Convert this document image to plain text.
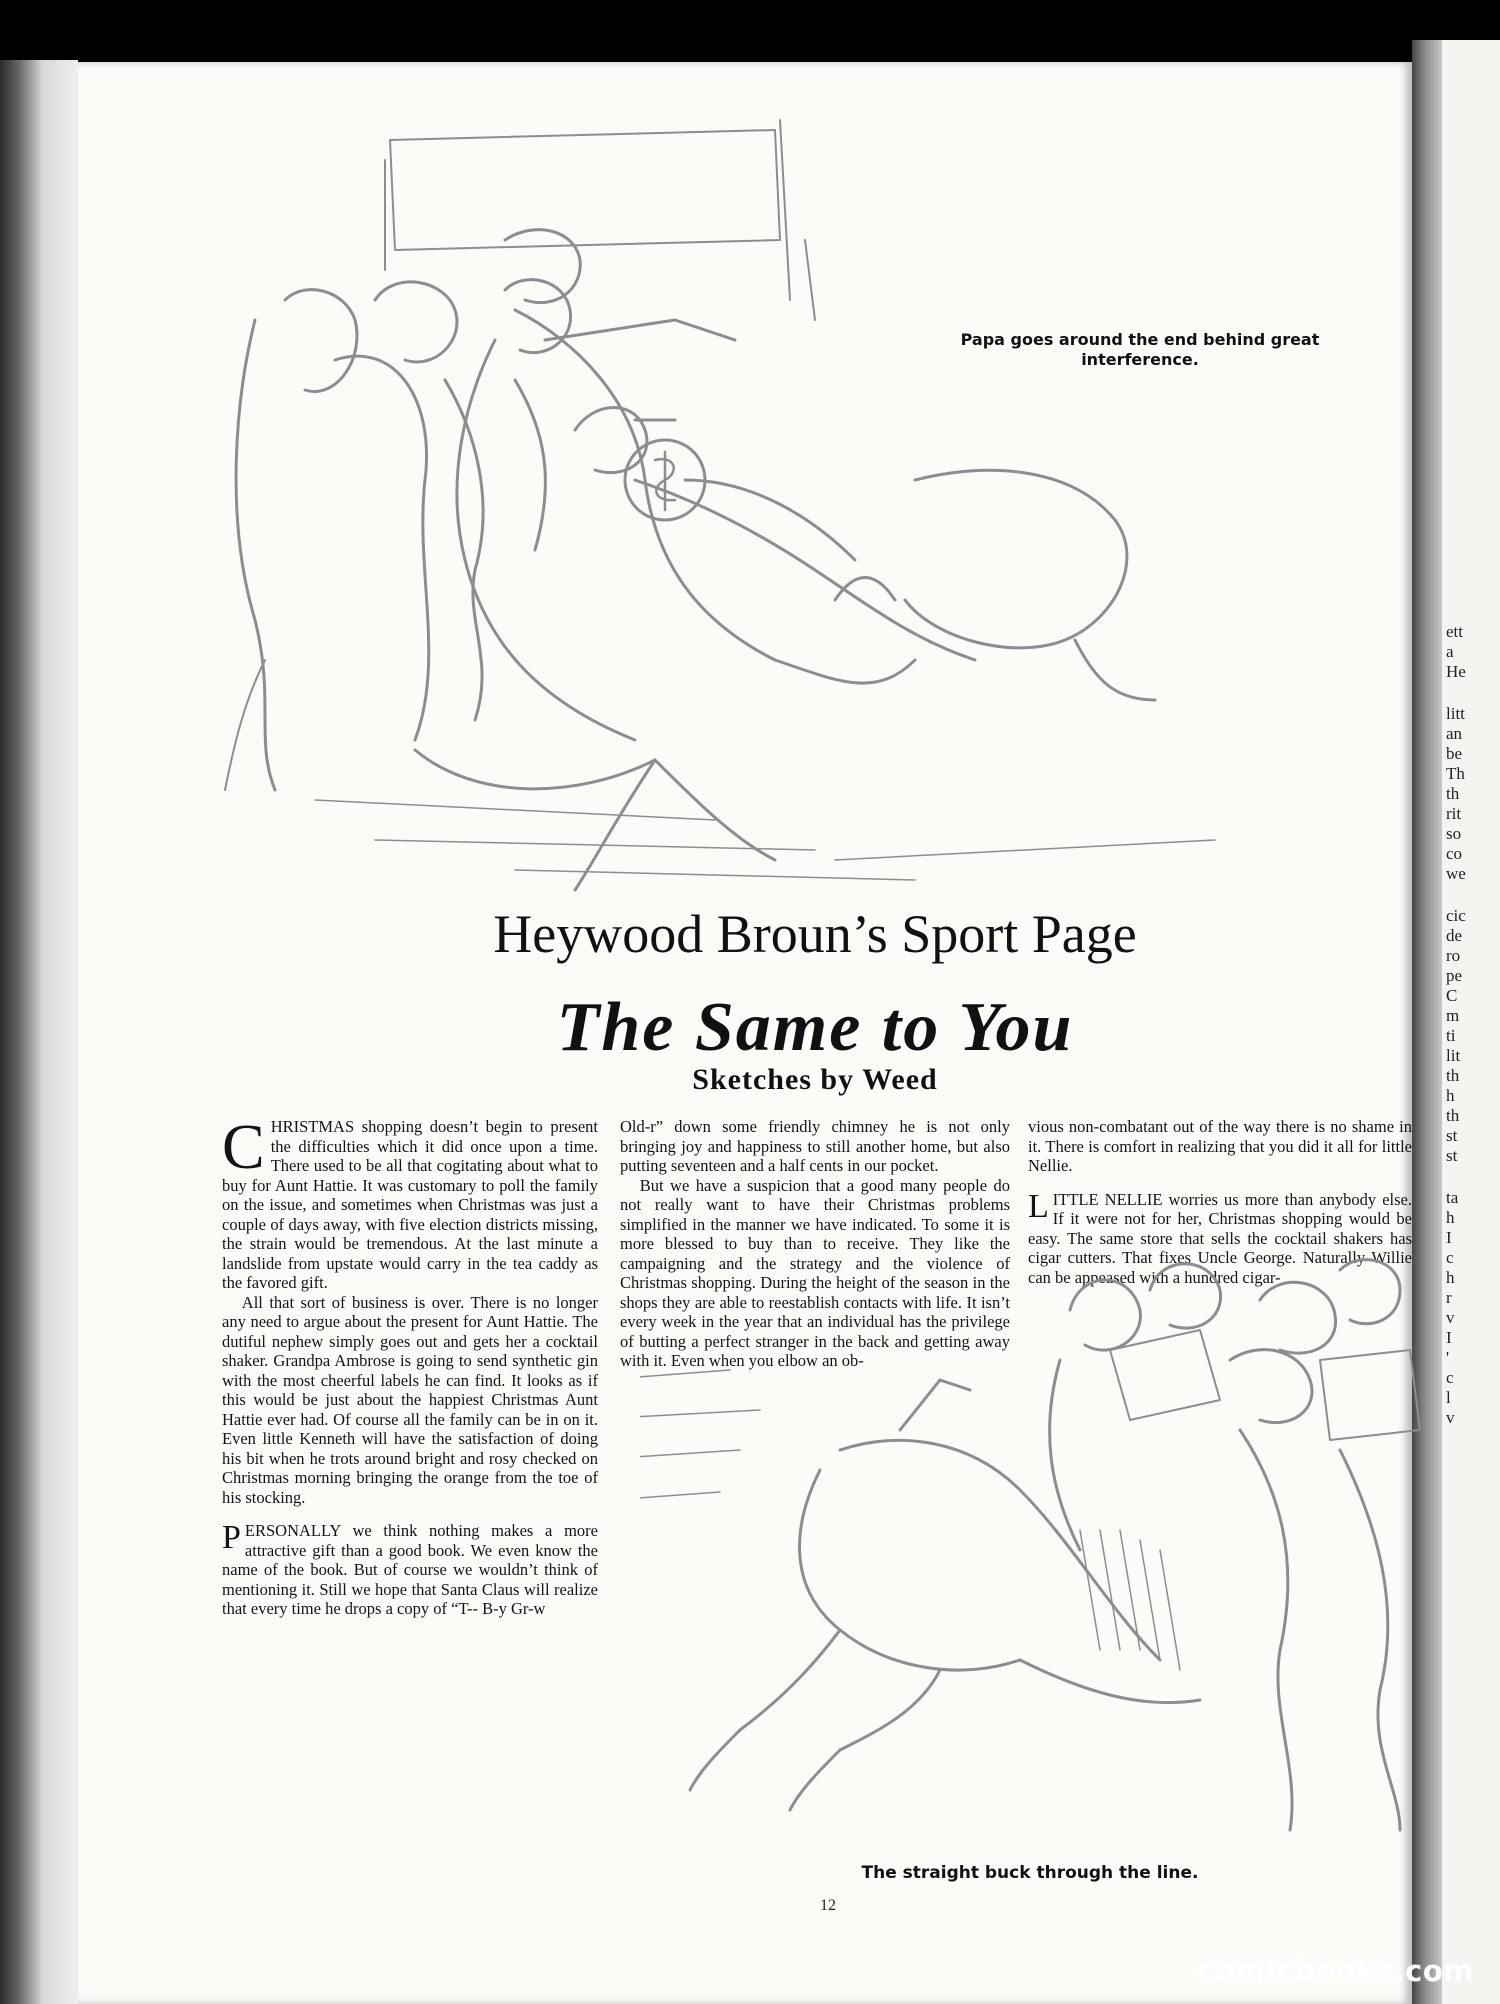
ett
a
He
litt
an
be
Th
th
rit
so
co
we
cic
de
ro
pe
C
m
ti
lit
th
h
th
st
st
ta
h
I
c
h
r
v
I
'
c
l
v

Papa goes around the end behind great interference.

Heywood Broun’s Sport Page
The Same to You
Sketches by Weed

CHRISTMAS shopping doesn’t begin to present the difficulties which it did once upon a time. There used to be all that cogitating about what to buy for Aunt Hattie. It was customary to poll the family on the issue, and sometimes when Christmas was just a couple of days away, with five election districts missing, the strain would be tremendous. At the last minute a landslide from upstate would carry in the tea caddy as the favored gift.

All that sort of business is over. There is no longer any need to argue about the present for Aunt Hattie. The dutiful nephew simply goes out and gets her a cocktail shaker. Grandpa Ambrose is going to send synthetic gin with the most cheerful labels he can find. It looks as if this would be just about the happiest Christmas Aunt Hattie ever had. Of course all the family can be in on it. Even little Kenneth will have the satisfaction of doing his bit when he trots around bright and rosy checked on Christmas morning bringing the orange from the toe of his stocking.

PERSONALLY we think nothing makes a more attractive gift than a good book. We even know the name of the book. But of course we wouldn’t think of mentioning it. Still we hope that Santa Claus will realize that every time he drops a copy of “T-- B-y Gr-w

Old-r” down some friendly chimney he is not only bringing joy and happiness to still another home, but also putting seventeen and a half cents in our pocket.

But we have a suspicion that a good many people do not really want to have their Christmas problems simplified in the manner we have indicated. To some it is more blessed to buy than to receive. They like the campaigning and the strategy and the violence of Christmas shopping. During the height of the season in the shops they are able to reestablish contacts with life. It isn’t every week in the year that an individual has the privilege of butting a perfect stranger in the back and getting away with it. Even when you elbow an ob-

vious non-combatant out of the way there is no shame in it. There is comfort in realizing that you did it all for little Nellie.

LITTLE NELLIE worries us more than anybody else. If it were not for her, Christmas shopping would be easy. The same store that sells the cocktail shakers has cigar cutters. That fixes Uncle George. Naturally Willie can be appeased with a hundred cigar-

The straight buck through the line.

12

comicbooks.com
